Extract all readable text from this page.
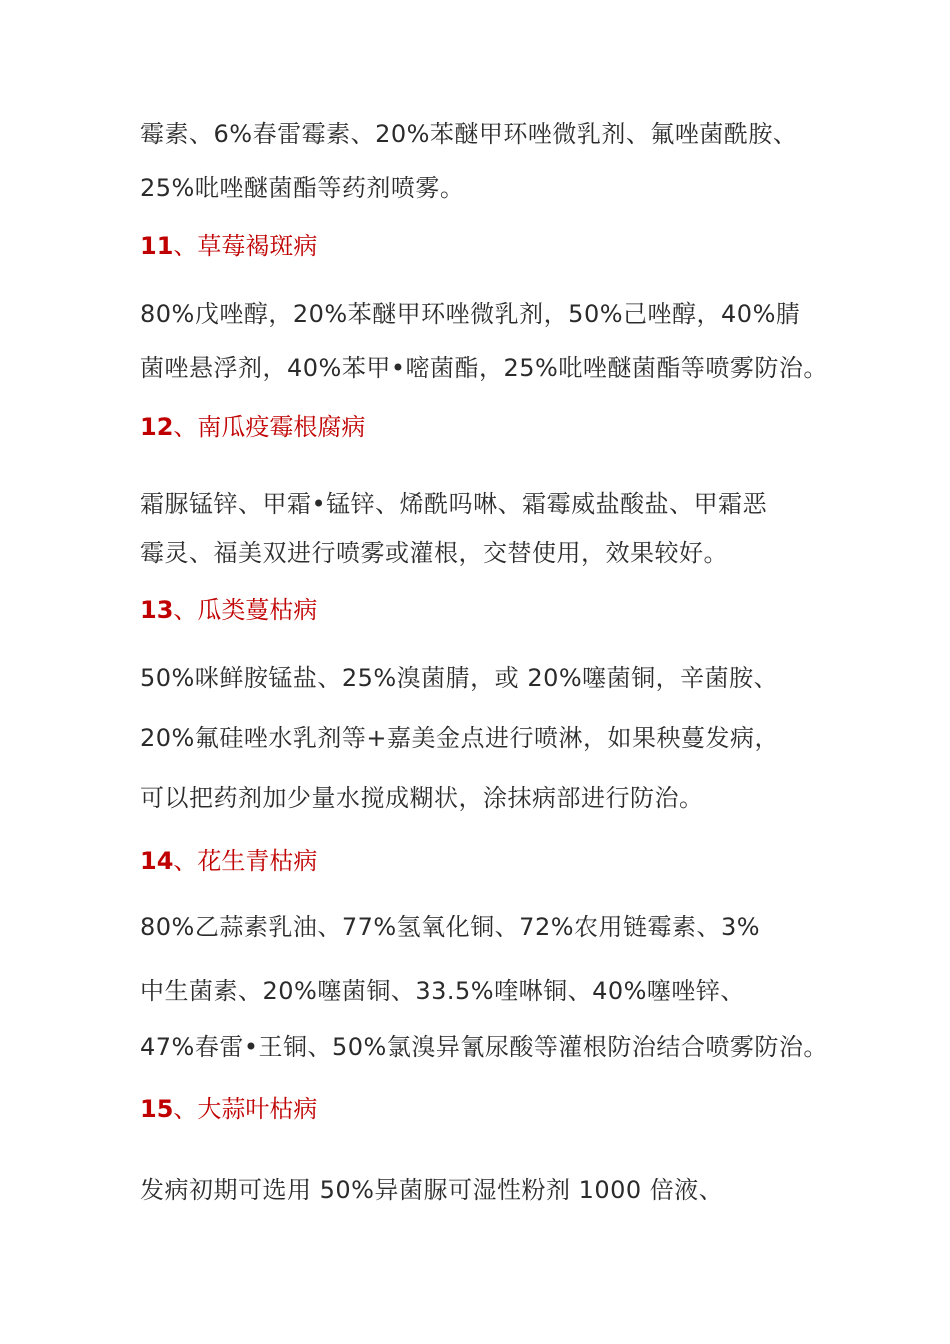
霉素、6%春雷霉素、20%苯醚甲环唑微乳剂、氟唑菌酰胺、
25%吡唑醚菌酯等药剂喷雾。
11、草莓褐斑病
80%戊唑醇，20%苯醚甲环唑微乳剂，50%己唑醇，40%腈
菌唑悬浮剂，40%苯甲•嘧菌酯，25%吡唑醚菌酯等喷雾防治。
12、南瓜疫霉根腐病
霜脲锰锌、甲霜•锰锌、烯酰吗啉、霜霉威盐酸盐、甲霜恶
霉灵、福美双进行喷雾或灌根，交替使用，效果较好。
13、瓜类蔓枯病
50%咪鲜胺锰盐、25%溴菌腈，或 20%噻菌铜，辛菌胺、
20%氟硅唑水乳剂等+嘉美金点进行喷淋，如果秧蔓发病，
可以把药剂加少量水搅成糊状，涂抹病部进行防治。
14、花生青枯病
80%乙蒜素乳油、77%氢氧化铜、72%农用链霉素、3%
中生菌素、20%噻菌铜、33.5%喹啉铜、40%噻唑锌、
47%春雷•王铜、50%氯溴异氰尿酸等灌根防治结合喷雾防治。
15、大蒜叶枯病
发病初期可选用 50%异菌脲可湿性粉剂 1000 倍液、
